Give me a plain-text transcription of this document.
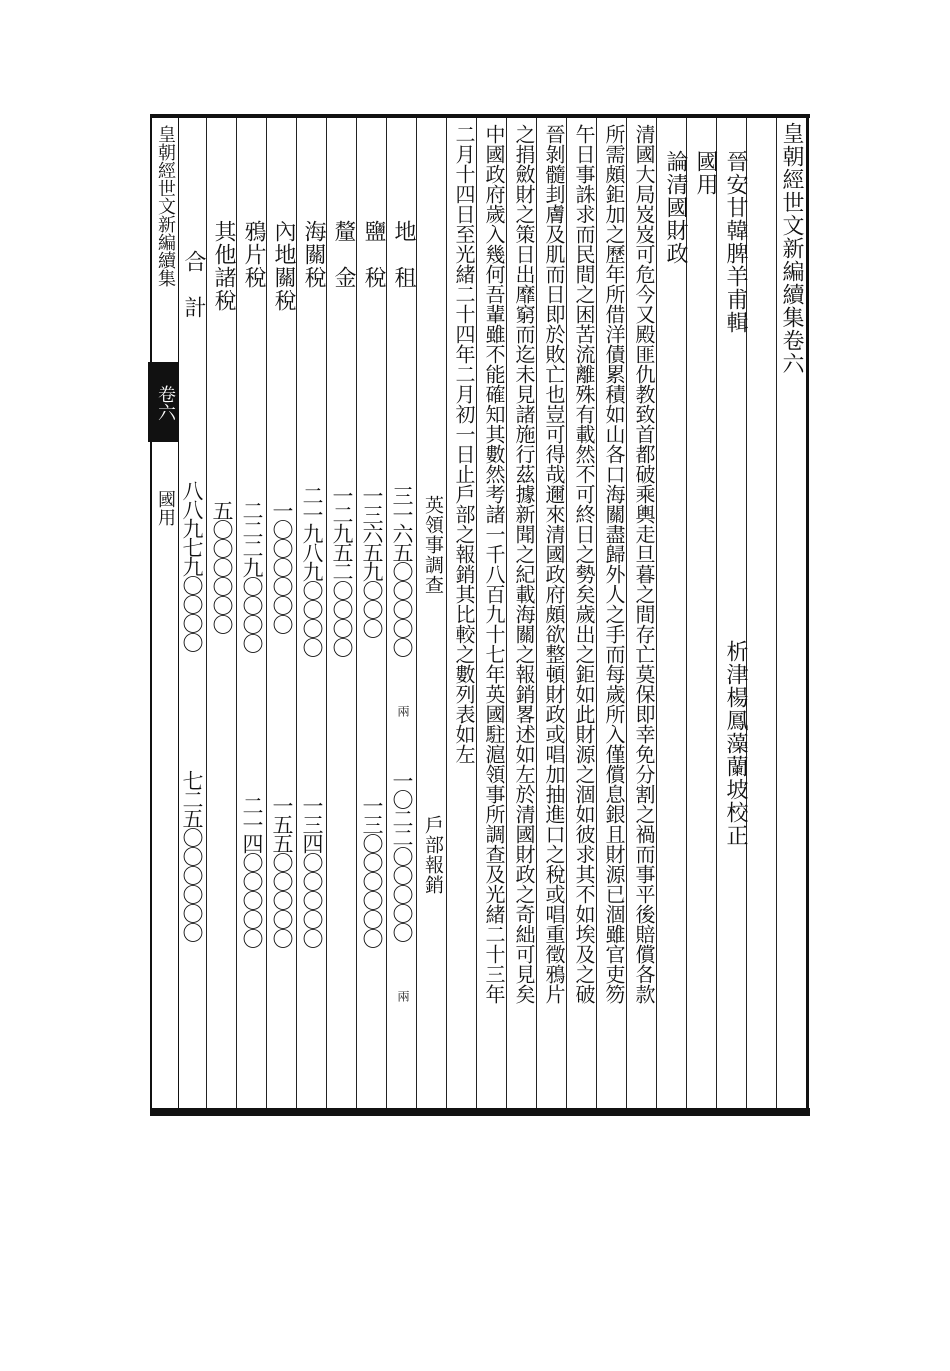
皇朝經世文新編續集
卷六
國用
皇朝經世文新編續集卷六
晉安甘韓脾羊甫輯
析津楊鳳藻蘭坡校正
國用
論清國財政
清國大局岌岌可危今又殿匪仇教致首都破乘輿走旦暮之間存亡莫保即幸免分割之禍而事平後賠償各款
所需頗鉅加之歷年所借洋債累積如山各口海關盡歸外人之手而每歲所入僅償息銀且財源已涸雖官吏笏
午日事誅求而民間之困苦流離殊有載然不可終日之勢矣歲出之鉅如此財源之涸如彼求其不如埃及之破
晉剝髓刲膚及肌而日即於敗亡也豈可得哉邇來清國政府頗欲整頓財政或唱加抽進口之稅或唱重徵鴉片
之捐斂財之策日出靡窮而迄未見諸施行茲據新聞之紀載海關之報銷畧述如左於清國財政之奇絀可見矣
中國政府歲入幾何吾輩雖不能確知其數然考諸一千八百九十七年英國駐滬領事所調查及光緒二十三年
二月十四日至光緒二十四年二月初一日止戶部之報銷其比較之數列表如左
英領事調查
戶部報銷
地　租
三一六五〇〇〇〇〇
兩
一〇二二〇〇〇〇〇
兩
鹽　稅
一三六五九〇〇〇
一三〇〇〇〇〇〇
釐　金
一二九五二〇〇〇〇
海關稅
二一九八九〇〇〇〇
一三四〇〇〇〇〇
內地關稅
一〇〇〇〇〇〇
一五五〇〇〇〇〇
鴉片稅
二二二九〇〇〇〇
二一四〇〇〇〇〇
其他諸稅
五〇〇〇〇〇〇
合　計
八八九七九〇〇〇〇
七二五〇〇〇〇〇〇
